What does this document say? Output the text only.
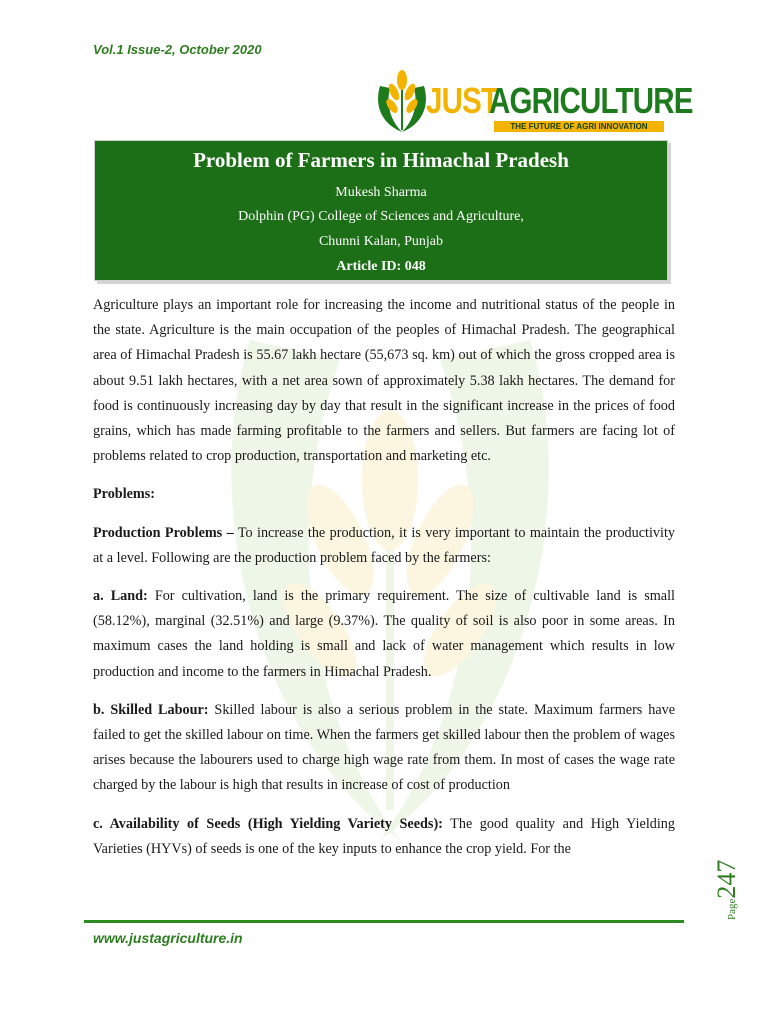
Vol.1 Issue-2, October 2020
JUST
AGRICULTURE
THE FUTURE OF AGRI INNOVATION
Problem of Farmers in Himachal Pradesh
Mukesh Sharma
Dolphin (PG) College of Sciences and Agriculture,
Chunni Kalan, Punjab
Article ID: 048

Agriculture plays an important role for increasing the income and nutritional status of the people in the state. Agriculture is the main occupation of the peoples of Himachal Pradesh. The geographical area of Himachal Pradesh is 55.67 lakh hectare (55,673 sq. km) out of which the gross cropped area is about 9.51 lakh hectares, with a net area sown of approximately 5.38 lakh hectares. The demand for food is continuously increasing day by day that result in the significant increase in the prices of food grains, which has made farming profitable to the farmers and sellers. But farmers are facing lot of problems related to crop production, transportation and marketing etc.

Problems:

Production Problems – To increase the production, it is very important to maintain the productivity at a level. Following are the production problem faced by the farmers:

a. Land: For cultivation, land is the primary requirement. The size of cultivable land is small (58.12%), marginal (32.51%) and large (9.37%). The quality of soil is also poor in some areas. In maximum cases the land holding is small and lack of water management which results in low production and income to the farmers in Himachal Pradesh.

b. Skilled Labour: Skilled labour is also a serious problem in the state. Maximum farmers have failed to get the skilled labour on time. When the farmers get skilled labour then the problem of wages arises because the labourers used to charge high wage rate from them. In most of cases the wage rate charged by the labour is high that results in increase of cost of production

c. Availability of Seeds (High Yielding Variety Seeds): The good quality and High Yielding Varieties (HYVs) of seeds is one of the key inputs to enhance the crop yield. For the

www.justagriculture.in
Page247
